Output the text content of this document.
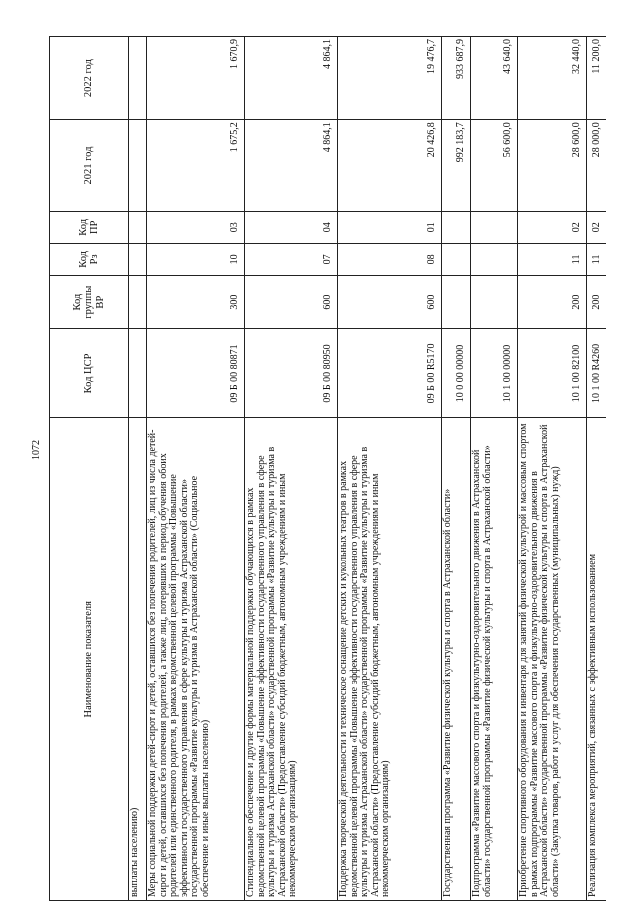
1072
Наименование показателя	Код ЦСР	Код группы ВР	Код Рз	Код ПР	2021 год	2022 год
выплаты населению)						
Меры социальной поддержки детей-сирот и детей, оставшихся без попечения родителей, лиц из числа детей-сирот и детей, оставшихся без попечения родителей, а также лиц, потерявших в период обучения обоих родителей или единственного родителя, в рамках ведомственной целевой программы «Повышение эффективности государственного управления в сфере культуры и туризма Астраханской области» государственной программы «Развитие культуры и туризма в Астраханской области» (Социальное обеспечение и иные выплаты населению)	09 Б 00 80871	300	10	03	1 675,2	1 670,9
Стипендиальное обеспечение и другие формы материальной поддержки обучающихся в рамках ведомственной целевой программы «Повышение эффективности государственного управления в сфере культуры и туризма Астраханской области» государственной программы «Развитие культуры и туризма в Астраханской области» (Предоставление субсидий бюджетным, автономным учреждениям и иным некоммерческим организациям)	09 Б 00 80950	600	07	04	4 864,1	4 864,1
Поддержка творческой деятельности и техническое оснащение детских и кукольных театров в рамках ведомственной целевой программы «Повышение эффективности государственного управления в сфере культуры и туризма Астраханской области» государственной программы «Развитие культуры и туризма в Астраханской области» (Предоставление субсидий бюджетным, автономным учреждениям и иным некоммерческим организациям)	09 Б 00 R5170	600	08	01	20 426,8	19 476,7
Государственная программа «Развитие физической культуры и спорта в Астраханской области»	10 0 00 00000				992 183,7	933 687,9
Подпрограмма «Развитие массового спорта и физкультурно-оздоровительного движения в Астраханской области» государственной программы «Развитие физической культуры и спорта в Астраханской области»	10 1 00 00000				56 600,0	43 640,0
Приобретение спортивного оборудования и инвентаря для занятий физической культурой и массовым спортом в рамках подпрограммы «Развитие массового спорта и физкультурно-оздоровительного движения в Астраханской области» государственной программы «Развитие физической культуры и спорта в Астраханской области» (Закупка товаров, работ и услуг для обеспечения государственных (муниципальных) нужд)	10 1 00 82100	200	11	02	28 600,0	32 440,0
Реализация комплекса мероприятий, связанных с эффективным использованием	10 1 00 R4260	200	11	02	28 000,0	11 200,0
